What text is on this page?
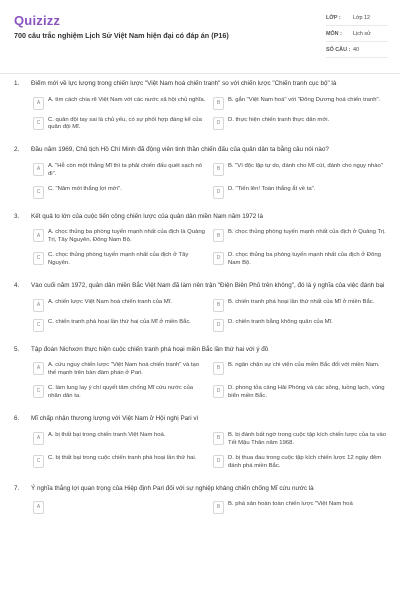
Quizizz
700 câu trắc nghiệm Lịch Sử Việt Nam hiện đại có đáp án (P16)
LỚP :	Lớp 12
MÔN :	Lịch sử
SỐ CÂU : 40
1.	Điểm mới về lực lượng trong chiến lược "Việt Nam hoá chiến tranh" so với chiến lược "Chiến tranh cục bộ" là
A
A. tìm cách chia rẽ Việt Nam với các nước xã hội chủ nghĩa.
B
B. gắn "Việt Nam hoá" với "Đông Dương hoá chiến tranh".
C
C. quân đội tay sai là chủ yếu, có sự phối hợp đáng kể của quân đội Mĩ.
D
D. thực hiện chiến tranh thực dân mới.
2.	Đầu năm 1969, Chủ tịch Hồ Chí Minh đã động viên tinh thần chiến đấu của quân dân ta bằng câu nói nào?
A
A. "Hễ còn một thằng Mĩ thì ta phải chiến đấu quét sạch nó đi".
B
B. "Vì độc lập tự do, đánh cho Mĩ cút, đánh cho ngụy nhào"
C
C. "Năm mới thắng lợi mới".
D
D. "Tiến lên! Toàn thắng ắt về ta".
3.	Kết quả to lớn của cuộc tiến công chiến lược của quân dân miền Nam năm 1972 là
A
A. chọc thủng ba phòng tuyến mạnh nhất của địch là Quảng Trị, Tây Nguyên, Đông Nam Bộ.
B
B. chọc thủng phòng tuyến mạnh nhất của địch ở Quảng Trị.
C
C. chọc thủng phòng tuyến mạnh nhất của địch ở Tây Nguyên.
D
D. chọc thủng ba phòng tuyến mạnh nhất của địch ở Đông Nam Bộ.
4.	Vào cuối năm 1972, quân dân miền Bắc Việt Nam đã làm nên trận "Điện Biên Phủ trên không", đó là ý nghĩa của việc đánh bại
A
A. chiến lược Việt Nam hoá chiến tranh của Mĩ.
B
B. chiến tranh phá hoại lần thứ nhất của Mĩ ở miền Bắc.
C
C. chiến tranh phá hoại lần thứ hai của Mĩ ở miền Bắc.
D
D. chiến tranh bằng không quân của Mĩ.
5.	Tập đoàn Nichxơn thực hiện cuộc chiến tranh phá hoại miền Bắc lần thứ hai với ý đồ
A
A. cứu nguy chiến lược "Việt Nam hoá chiến tranh" và tạo thế mạnh trên bàn đàm phán ở Pari.
B
B. ngăn chặn sự chi viện của miền Bắc đối với miền Nam.
C
C. làm lung lay ý chí quyết tâm chống Mĩ cứu nước của nhân dân ta.
D
D. phong tỏa cảng Hải Phòng và các sông, luồng lạch, vùng biển miền Bắc.
6.	Mĩ chấp nhận thương lượng với Việt Nam ở Hội nghị Pari vì
A
A. bị thất bại trong chiến tranh Việt Nam hoá.
B
B. bị đánh bất ngờ trong cuộc tập kích chiến lược của ta vào Tết Mậu Thân năm 1968.
C
C. bị thất bại trong cuộc chiến tranh phá hoại lần thứ hai.
D
D. bị thua đau trong cuộc tập kích chiến lược 12 ngày đêm đánh phá miền Bắc.
7.	Ý nghĩa thắng lợi quan trọng của Hiệp định Pari đối với sự nghiệp kháng chiến chống Mĩ cứu nước là
A	B
B. phá sản hoàn toàn chiến lược "Việt Nam hoá
